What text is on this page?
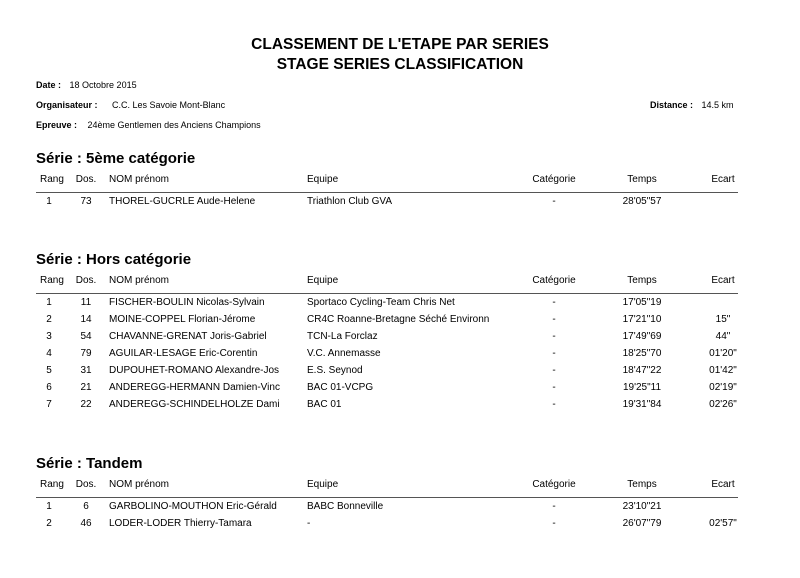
CLASSEMENT DE L'ETAPE PAR SERIES
STAGE SERIES CLASSIFICATION
Date : 18 Octobre 2015
Organisateur : C.C. Les Savoie Mont-Blanc	Distance : 14.5 km
Epreuve : 24ème Gentlemen des Anciens Champions
Série : 5ème catégorie
Rang Dos. NOM prénom	Equipe	Catégorie	Temps	Ecart
1	73	THOREL-GUCRLE Aude-Helene	Triathlon Club GVA	-	28'05"57
Série : Hors catégorie
Rang Dos. NOM prénom	Equipe	Catégorie	Temps	Ecart
1	11	FISCHER-BOULIN Nicolas-Sylvain	Sportaco Cycling-Team Chris Net	-	17'05"19
2	14	MOINE-COPPEL Florian-Jérome	CR4C Roanne-Bretagne Séché Environn	-	17'21"10	15"
3	54	CHAVANNE-GRENAT Joris-Gabriel	TCN-La Forclaz	-	17'49"69	44"
4	79	AGUILAR-LESAGE Eric-Corentin	V.C. Annemasse	-	18'25"70	01'20"
5	31	DUPOUHET-ROMANO Alexandre-Jos	E.S. Seynod	-	18'47"22	01'42"
6	21	ANDEREGG-HERMANN Damien-Vinc	BAC 01-VCPG	-	19'25"11	02'19"
7	22	ANDEREGG-SCHINDELHOLZE Dami	BAC 01	-	19'31"84	02'26"
Série : Tandem
Rang Dos. NOM prénom	Equipe	Catégorie	Temps	Ecart
1	6	GARBOLINO-MOUTHON Eric-Gérald	BABC Bonneville	-	23'10"21
2	46	LODER-LODER Thierry-Tamara	-	-	26'07"79	02'57"
